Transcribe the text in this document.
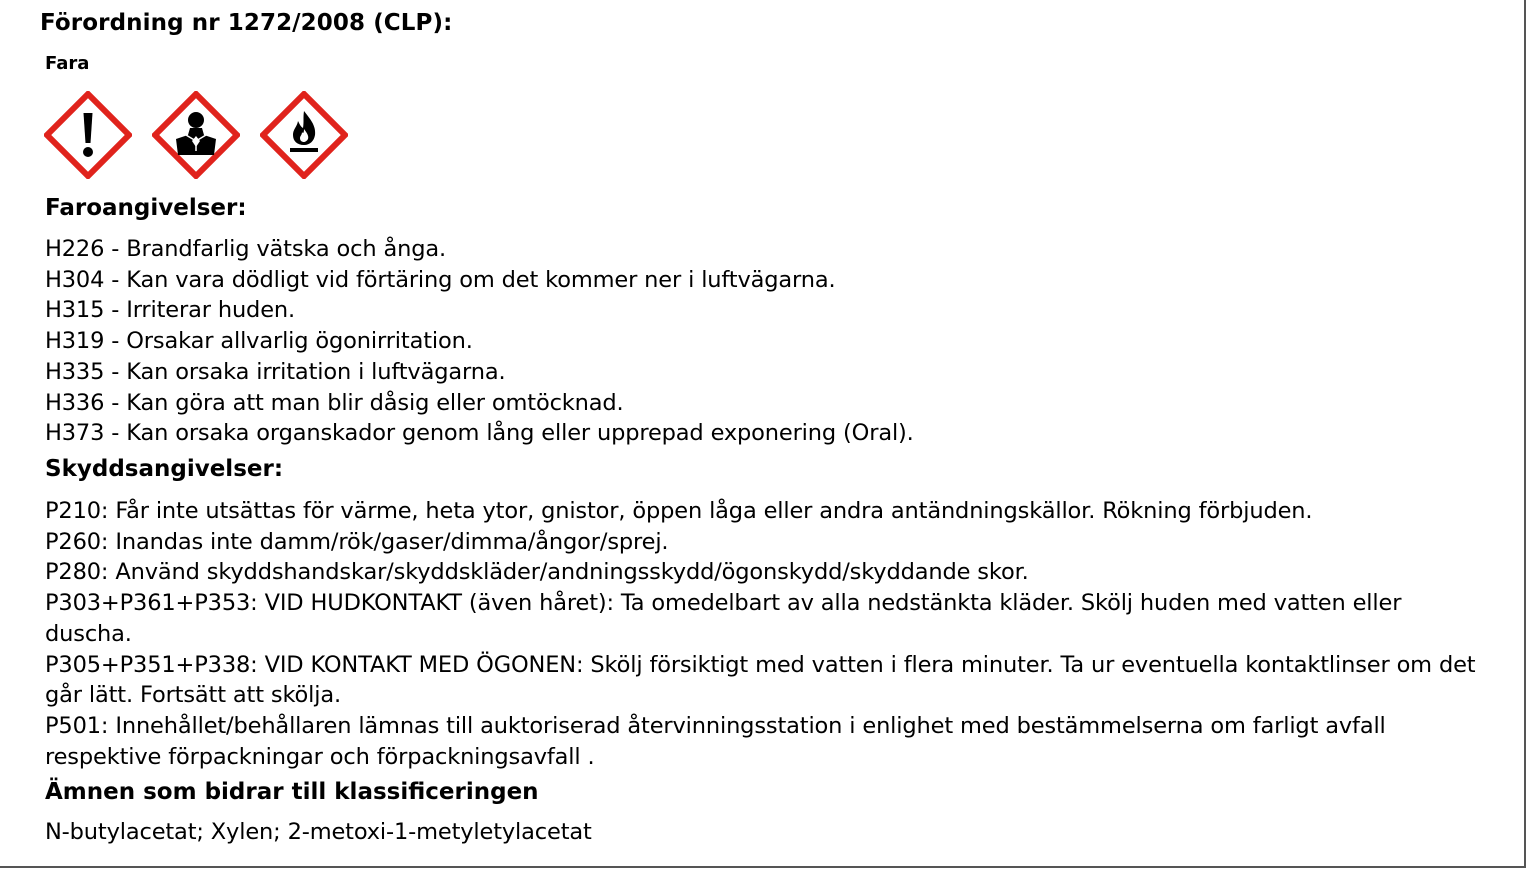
Förordning nr 1272/2008 (CLP):
Fara
Faroangivelser:
H226 - Brandfarlig vätska och ånga.
H304 - Kan vara dödligt vid förtäring om det kommer ner i luftvägarna.
H315 - Irriterar huden.
H319 - Orsakar allvarlig ögonirritation.
H335 - Kan orsaka irritation i luftvägarna.
H336 - Kan göra att man blir dåsig eller omtöcknad.
H373 - Kan orsaka organskador genom lång eller upprepad exponering (Oral).
Skyddsangivelser:
P210: Får inte utsättas för värme, heta ytor, gnistor, öppen låga eller andra antändningskällor. Rökning förbjuden.
P260: Inandas inte damm/rök/gaser/dimma/ångor/sprej.
P280: Använd skyddshandskar/skyddskläder/andningsskydd/ögonskydd/skyddande skor.
P303+P361+P353: VID HUDKONTAKT (även håret): Ta omedelbart av alla nedstänkta kläder. Skölj huden med vatten eller duscha.
P305+P351+P338: VID KONTAKT MED ÖGONEN: Skölj försiktigt med vatten i flera minuter. Ta ur eventuella kontaktlinser om det går lätt. Fortsätt att skölja.
P501: Innehållet/behållaren lämnas till auktoriserad återvinningsstation i enlighet med bestämmelserna om farligt avfall respektive förpackningar och förpackningsavfall .
Ämnen som bidrar till klassificeringen
N-butylacetat; Xylen; 2-metoxi-1-metyletylacetat
